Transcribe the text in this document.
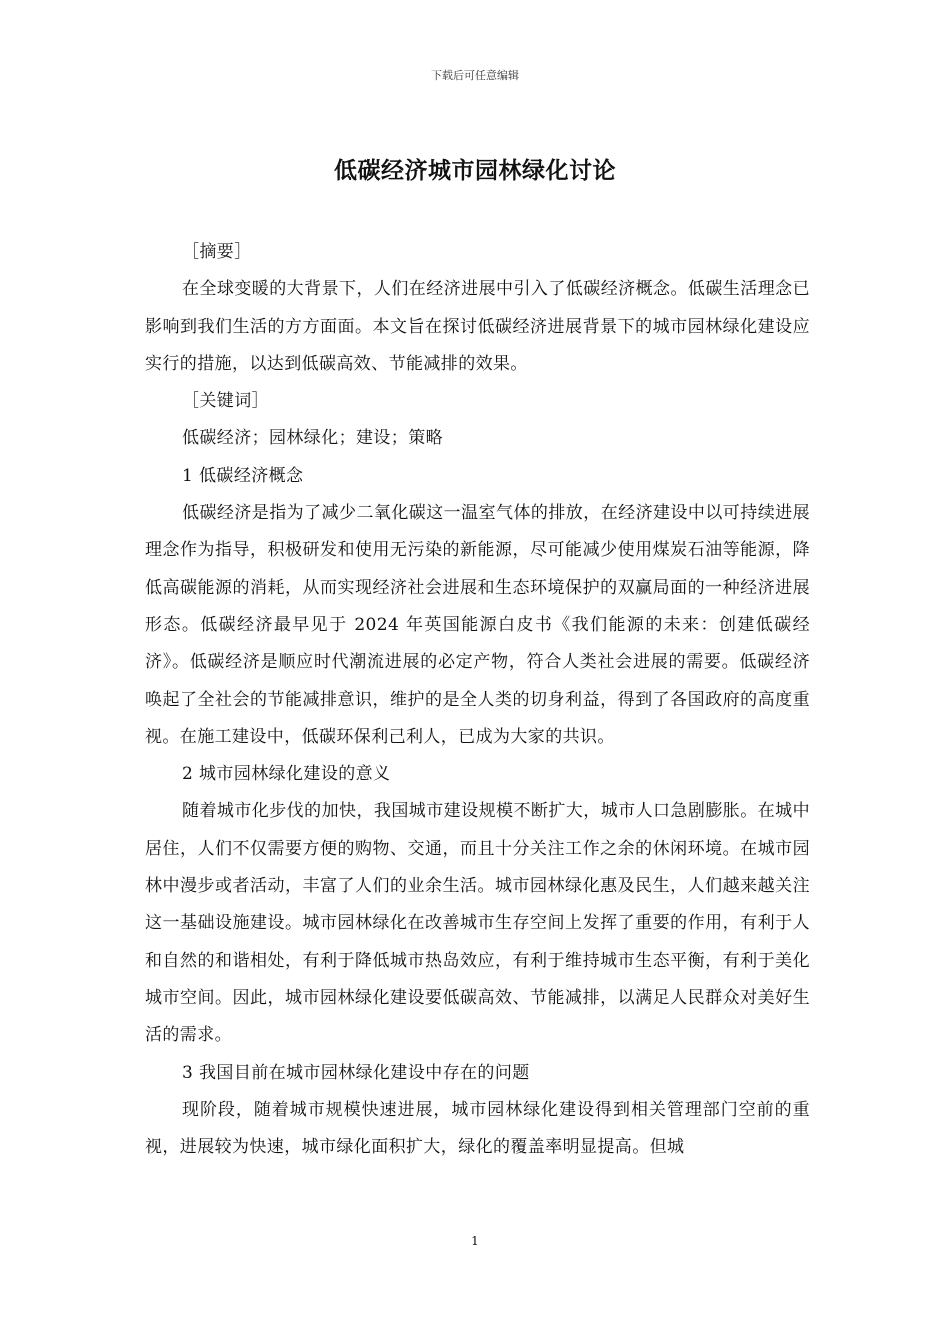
下载后可任意编辑
低碳经济城市园林绿化讨论

［摘要］

在全球变暖的大背景下，人们在经济进展中引入了低碳经济概念。低碳生活理念已影响到我们生活的方方面面。本文旨在探讨低碳经济进展背景下的城市园林绿化建设应实行的措施，以达到低碳高效、节能减排的效果。

［关键词］

低碳经济；园林绿化；建设；策略

1 低碳经济概念

低碳经济是指为了减少二氧化碳这一温室气体的排放，在经济建设中以可持续进展理念作为指导，积极研发和使用无污染的新能源，尽可能减少使用煤炭石油等能源，降低高碳能源的消耗，从而实现经济社会进展和生态环境保护的双赢局面的一种经济进展形态。低碳经济最早见于 2024 年英国能源白皮书《我们能源的未来：创建低碳经济》。低碳经济是顺应时代潮流进展的必定产物，符合人类社会进展的需要。低碳经济唤起了全社会的节能减排意识，维护的是全人类的切身利益，得到了各国政府的高度重视。在施工建设中，低碳环保利己利人，已成为大家的共识。

2 城市园林绿化建设的意义

随着城市化步伐的加快，我国城市建设规模不断扩大，城市人口急剧膨胀。在城中居住，人们不仅需要方便的购物、交通，而且十分关注工作之余的休闲环境。在城市园林中漫步或者活动，丰富了人们的业余生活。城市园林绿化惠及民生，人们越来越关注这一基础设施建设。城市园林绿化在改善城市生存空间上发挥了重要的作用，有利于人和自然的和谐相处，有利于降低城市热岛效应，有利于维持城市生态平衡，有利于美化城市空间。因此，城市园林绿化建设要低碳高效、节能减排，以满足人民群众对美好生活的需求。

3 我国目前在城市园林绿化建设中存在的问题

现阶段，随着城市规模快速进展，城市园林绿化建设得到相关管理部门空前的重视，进展较为快速，城市绿化面积扩大，绿化的覆盖率明显提高。但城

1
